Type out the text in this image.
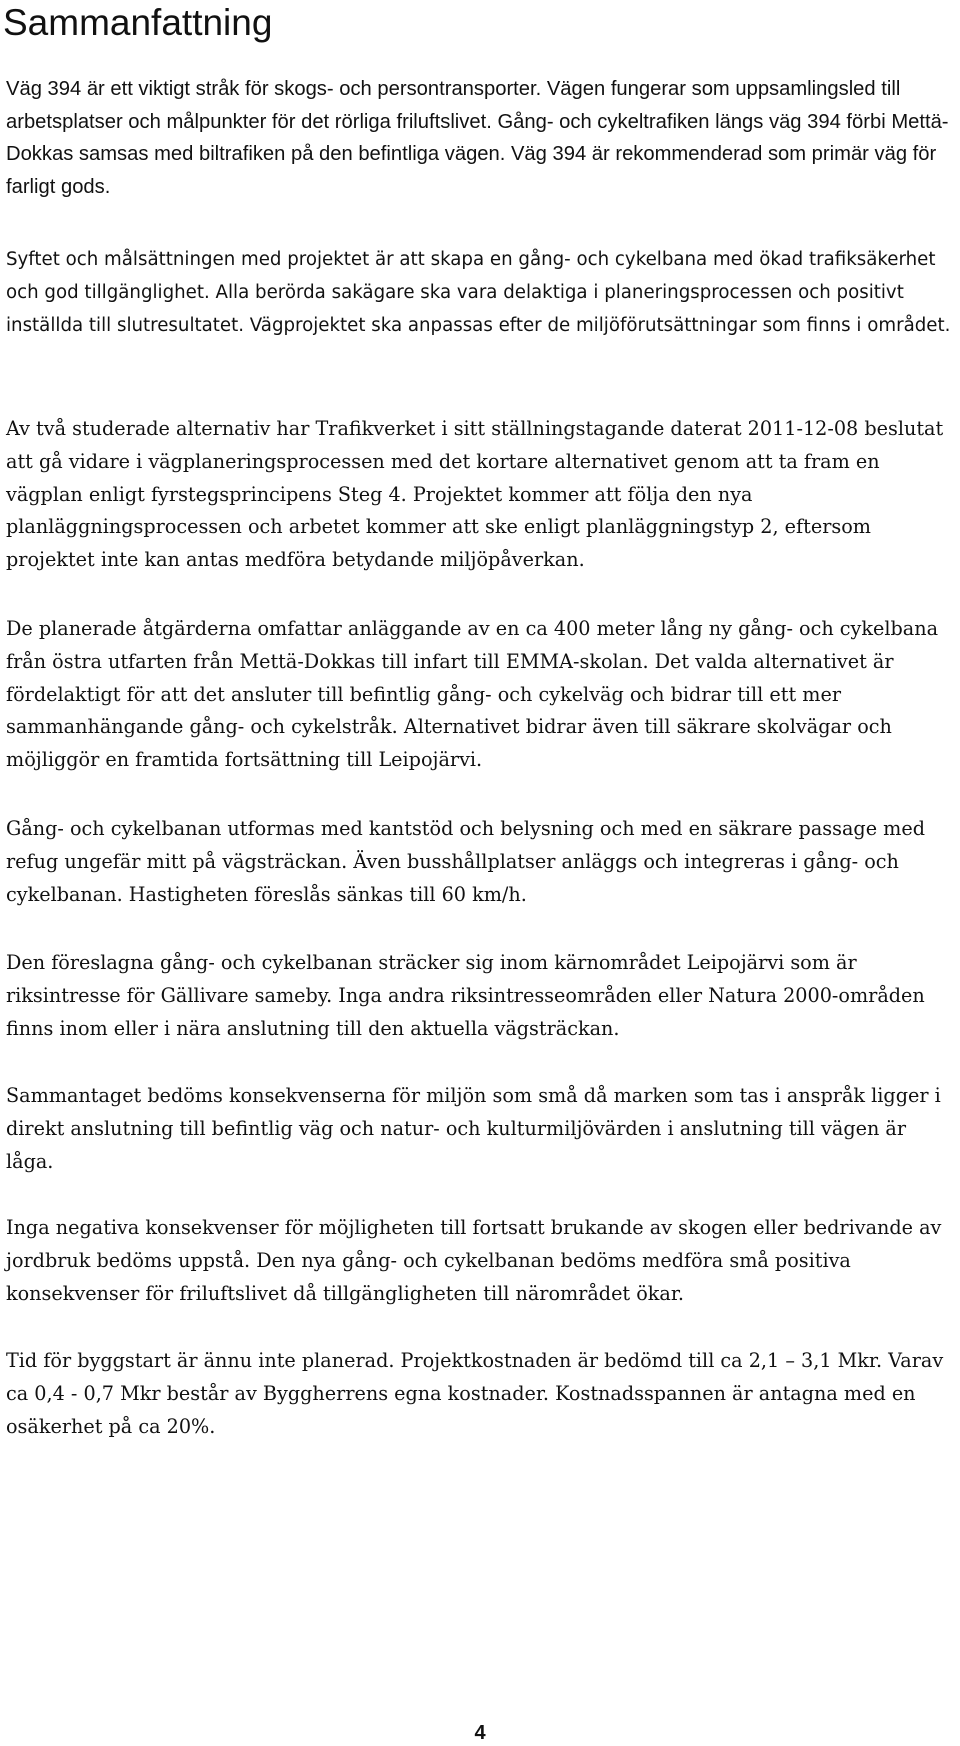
Sammanfattning

Väg 394 är ett viktigt stråk för skogs- och persontransporter. Vägen fungerar som uppsamlingsled till arbetsplatser och målpunkter för det rörliga friluftslivet. Gång- och cykeltrafiken längs väg 394 förbi Mettä-Dokkas samsas med biltrafiken på den befintliga vägen. Väg 394 är rekommenderad som primär väg för farligt gods.

Syftet och målsättningen med projektet är att skapa en gång- och cykelbana med ökad trafiksäkerhet och god tillgänglighet. Alla berörda sakägare ska vara delaktiga i planeringsprocessen och positivt inställda till slutresultatet. Vägprojektet ska anpassas efter de miljöförutsättningar som finns i området.

Av två studerade alternativ har Trafikverket i sitt ställningstagande daterat 2011-12-08 beslutat att gå vidare i vägplaneringsprocessen med det kortare alternativet genom att ta fram en vägplan enligt fyrstegsprincipens Steg 4. Projektet kommer att följa den nya planläggningsprocessen och arbetet kommer att ske enligt planläggningstyp 2, eftersom projektet inte kan antas medföra betydande miljöpåverkan.

De planerade åtgärderna omfattar anläggande av en ca 400 meter lång ny gång- och cykelbana från östra utfarten från Mettä-Dokkas till infart till EMMA-skolan. Det valda alternativet är fördelaktigt för att det ansluter till befintlig gång- och cykelväg och bidrar till ett mer sammanhängande gång- och cykelstråk. Alternativet bidrar även till säkrare skolvägar och möjliggör en framtida fortsättning till Leipojärvi.

Gång- och cykelbanan utformas med kantstöd och belysning och med en säkrare passage med refug ungefär mitt på vägsträckan. Även busshållplatser anläggs och integreras i gång- och cykelbanan. Hastigheten föreslås sänkas till 60 km/h.

Den föreslagna gång- och cykelbanan sträcker sig inom kärnområdet Leipojärvi som är riksintresse för Gällivare sameby. Inga andra riksintresseområden eller Natura 2000-områden finns inom eller i nära anslutning till den aktuella vägsträckan.

Sammantaget bedöms konsekvenserna för miljön som små då marken som tas i anspråk ligger i direkt anslutning till befintlig väg och natur- och kulturmiljövärden i anslutning till vägen är låga.

Inga negativa konsekvenser för möjligheten till fortsatt brukande av skogen eller bedrivande av jordbruk bedöms uppstå. Den nya gång- och cykelbanan bedöms medföra små positiva konsekvenser för friluftslivet då tillgängligheten till närområdet ökar.

Tid för byggstart är ännu inte planerad. Projektkostnaden är bedömd till ca 2,1 – 3,1 Mkr. Varav ca 0,4 - 0,7 Mkr består av Byggherrens egna kostnader. Kostnadsspannen är antagna med en osäkerhet på ca 20%.

4
